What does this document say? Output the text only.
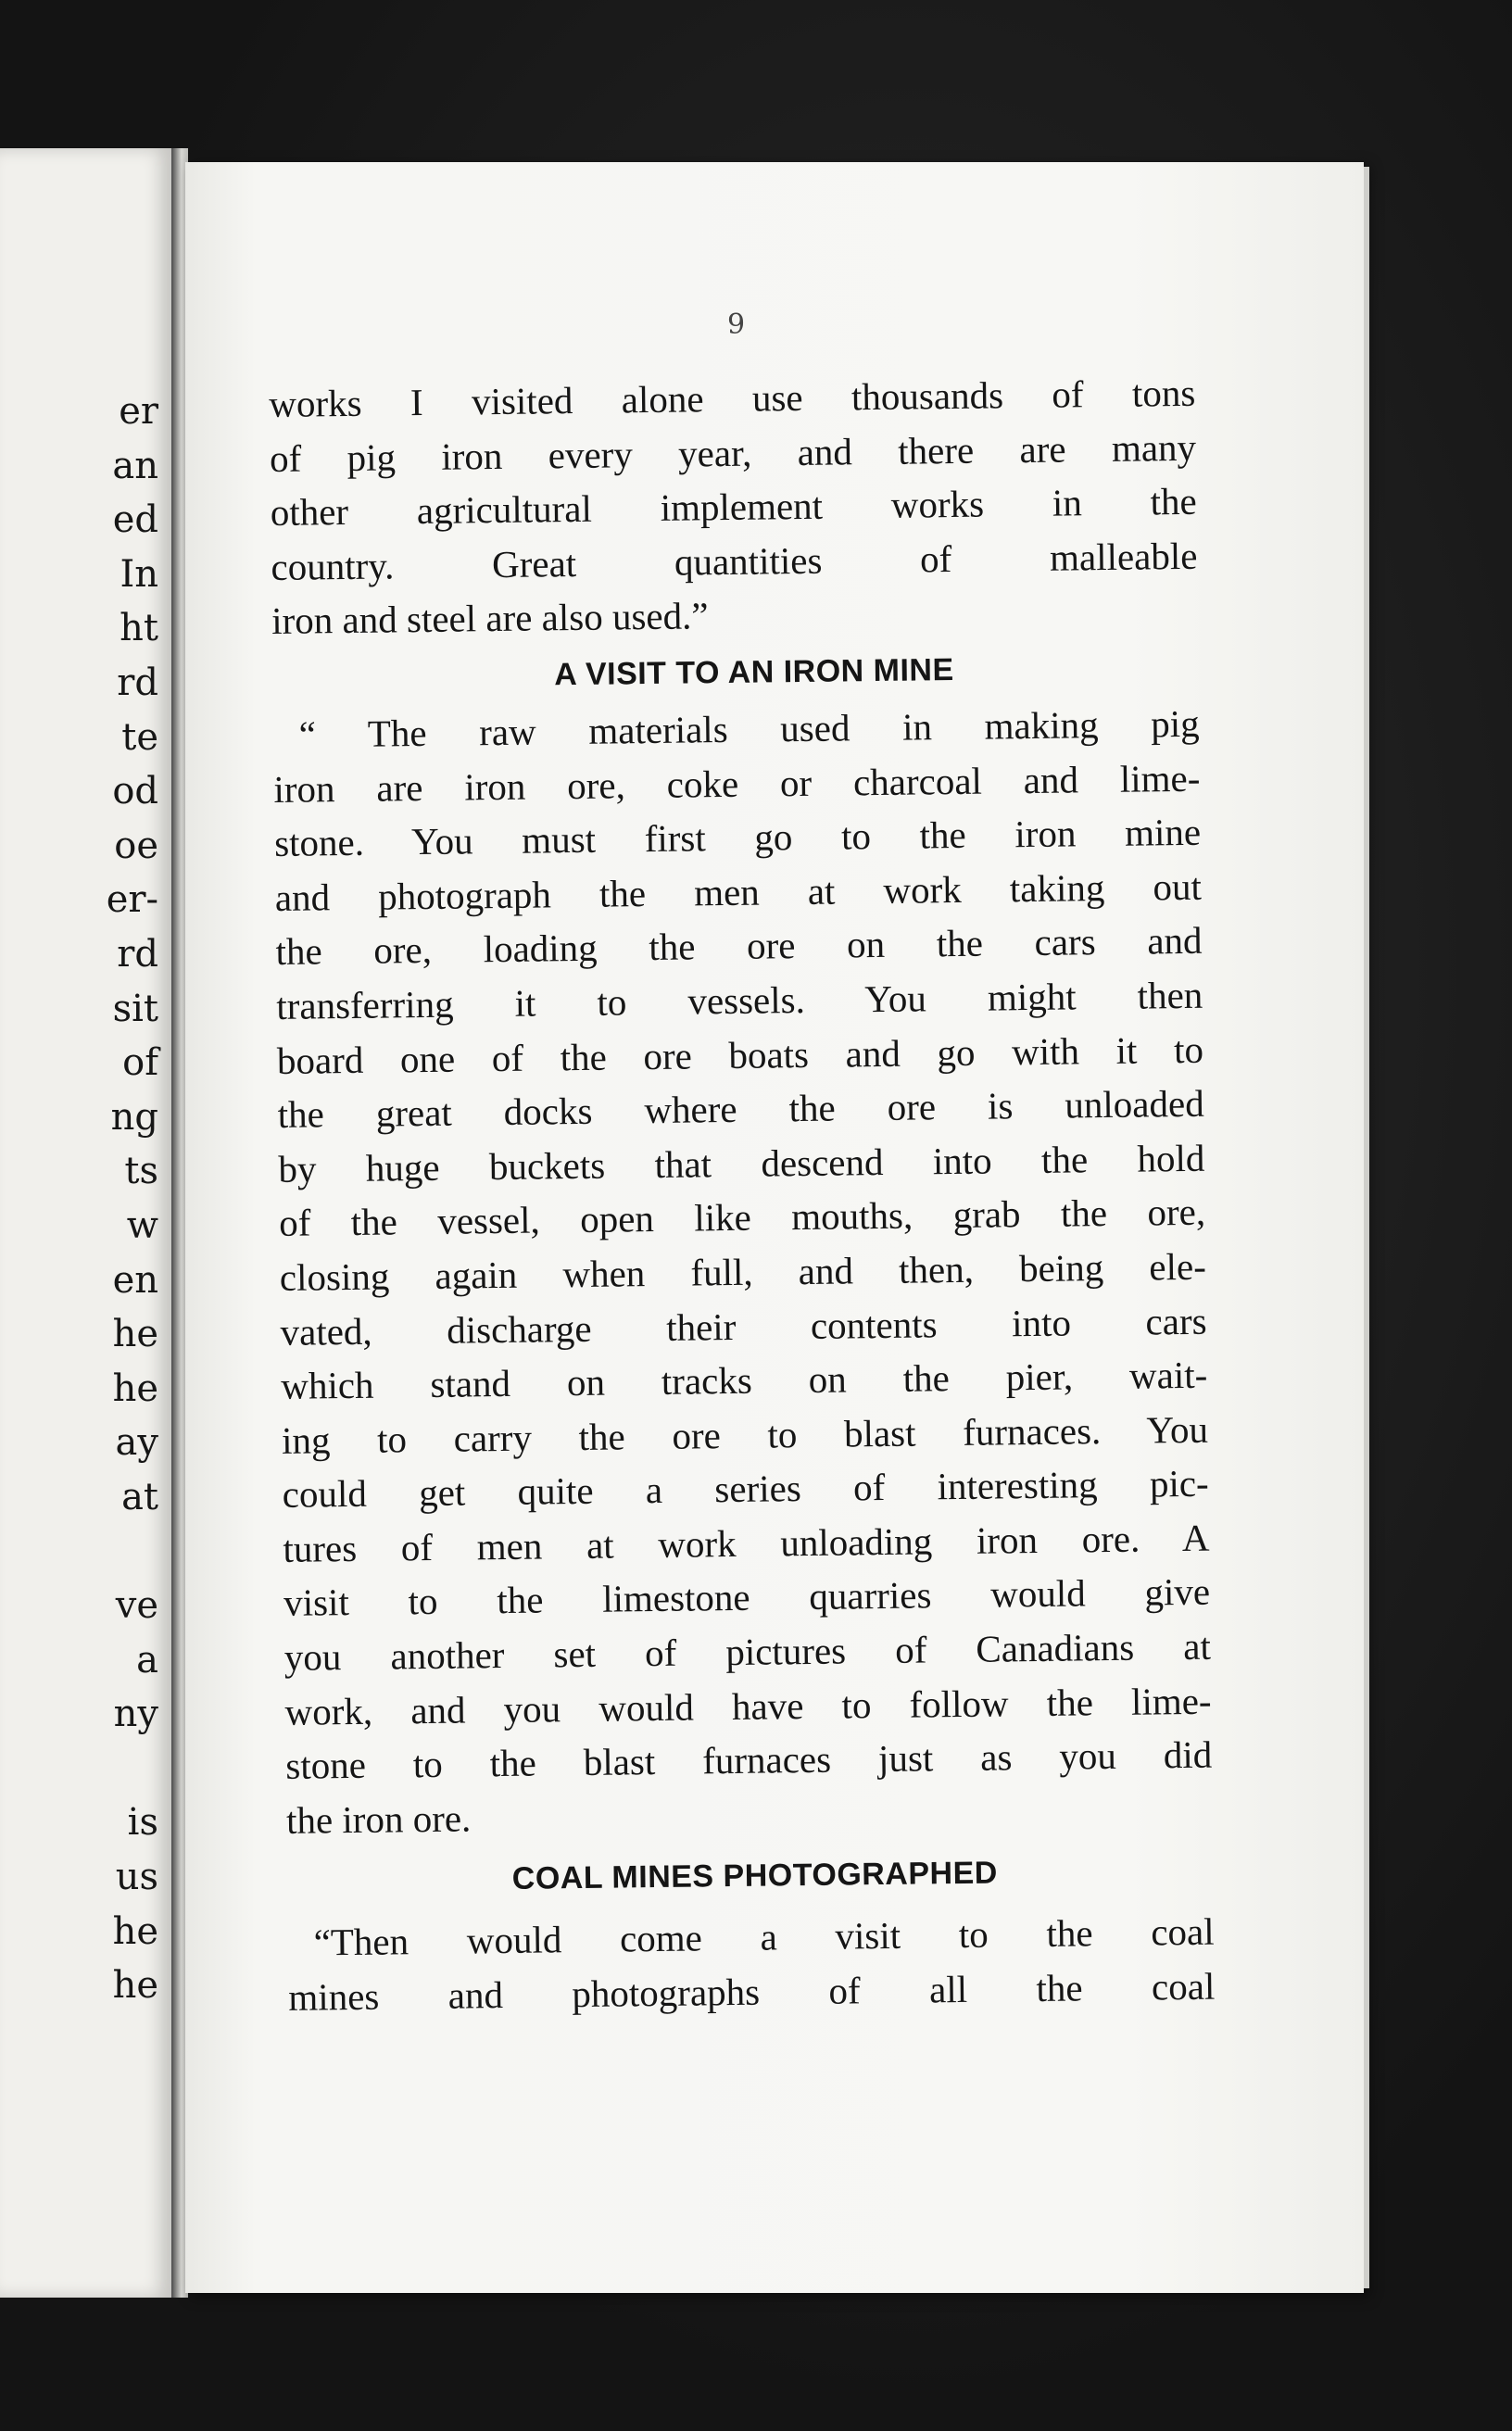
er
an
ed
In
ht
rd
te
od
oe
er-
rd
sit
of
ng
ts
w
en
he
he
ay
at
ve
a
ny
is
us
he
he

9

works I visited alone use thousands of tons

of pig iron every year, and there are many

other agricultural implement works in the

country. Great quantities of malleable

iron and steel are also used.”

A VISIT TO AN IRON MINE

“ The raw materials used in making pig

iron are iron ore, coke or charcoal and lime-

stone. You must first go to the iron mine

and photograph the men at work taking out

the ore, loading the ore on the cars and

transferring it to vessels. You might then

board one of the ore boats and go with it to

the great docks where the ore is unloaded

by huge buckets that descend into the hold

of the vessel, open like mouths, grab the ore,

closing again when full, and then, being ele-

vated, discharge their contents into cars

which stand on tracks on the pier, wait-

ing to carry the ore to blast furnaces. You

could get quite a series of interesting pic-

tures of men at work unloading iron ore. A

visit to the limestone quarries would give

you another set of pictures of Canadians at

work, and you would have to follow the lime-

stone to the blast furnaces just as you did

the iron ore.

COAL MINES PHOTOGRAPHED

“Then would come a visit to the coal

mines and photographs of all the coal
